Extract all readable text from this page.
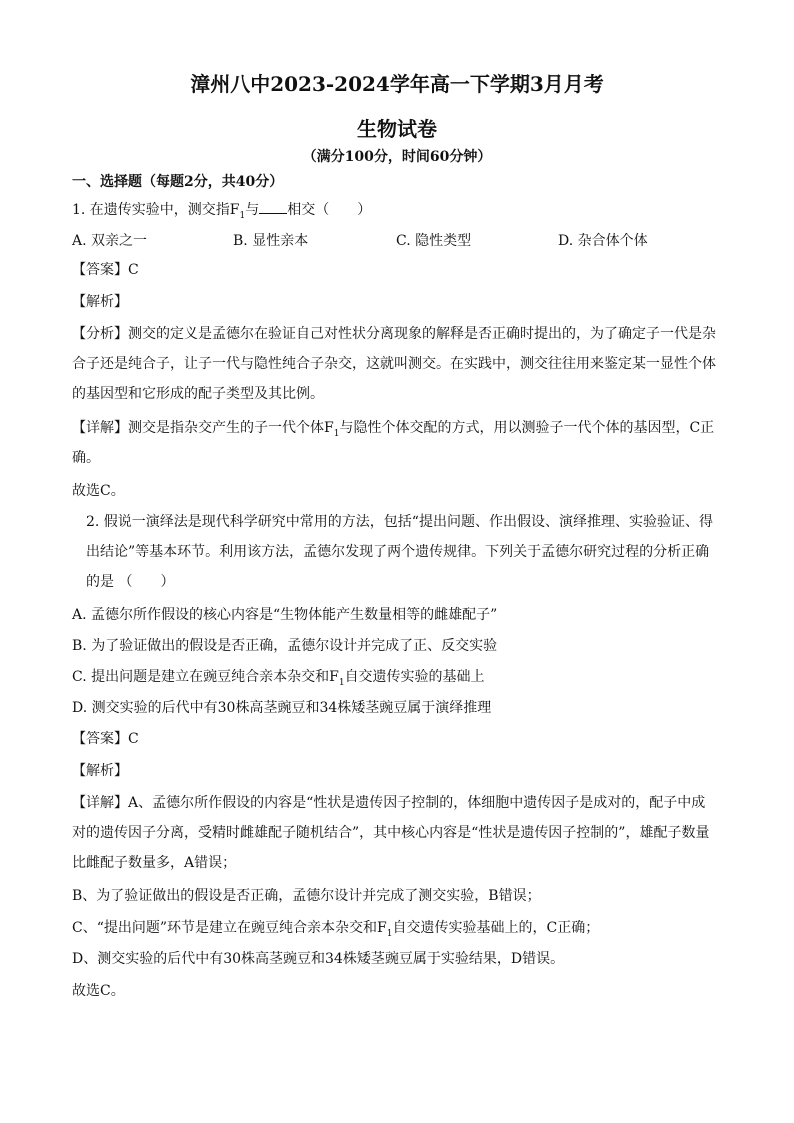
漳州八中2023-2024学年高一下学期3月月考
生物试卷
（满分100分，时间60分钟）
一、选择题（每题2分，共40分）
1. 在遗传实验中，测交指$F_1$与 相交（　　）
A. 双亲之一	B. 显性亲本	C. 隐性类型	D. 杂合体个体
【答案】C
【解析】
【分析】测交的定义是孟德尔在验证自己对性状分离现象的解释是否正确时提出的，为了确定子一代是杂
合子还是纯合子，让子一代与隐性纯合子杂交，这就叫测交。在实践中，测交往往用来鉴定某一显性个体
的基因型和它形成的配子类型及其比例。
【详解】测交是指杂交产生的子一代个体$F_1$与隐性个体交配的方式，用以测验子一代个体的基因型，C正
确。
故选C。
2. 假说一演绎法是现代科学研究中常用的方法，包括“提出问题、作出假设、演绎推理、实验验证、得
出结论”等基本环节。利用该方法，孟德尔发现了两个遗传规律。下列关于孟德尔研究过程的分析正确
的是 （　　）
A. 孟德尔所作假设的核心内容是“生物体能产生数量相等的雌雄配子”
B. 为了验证做出的假设是否正确，孟德尔设计并完成了正、反交实验
C. 提出问题是建立在豌豆纯合亲本杂交和$F_1$自交遗传实验的基础上
D. 测交实验的后代中有30株高茎豌豆和34株矮茎豌豆属于演绎推理
【答案】C
【解析】
【详解】A、孟德尔所作假设的内容是“性状是遗传因子控制的，体细胞中遗传因子是成对的，配子中成
对的遗传因子分离，受精时雌雄配子随机结合”，其中核心内容是“性状是遗传因子控制的”，雄配子数量
比雌配子数量多，A错误；
B、为了验证做出的假设是否正确，孟德尔设计并完成了测交实验，B错误；
C、“提出问题”环节是建立在豌豆纯合亲本杂交和$F_1$自交遗传实验基础上的，C正确；
D、测交实验的后代中有30株高茎豌豆和34株矮茎豌豆属于实验结果，D错误。
故选C。
